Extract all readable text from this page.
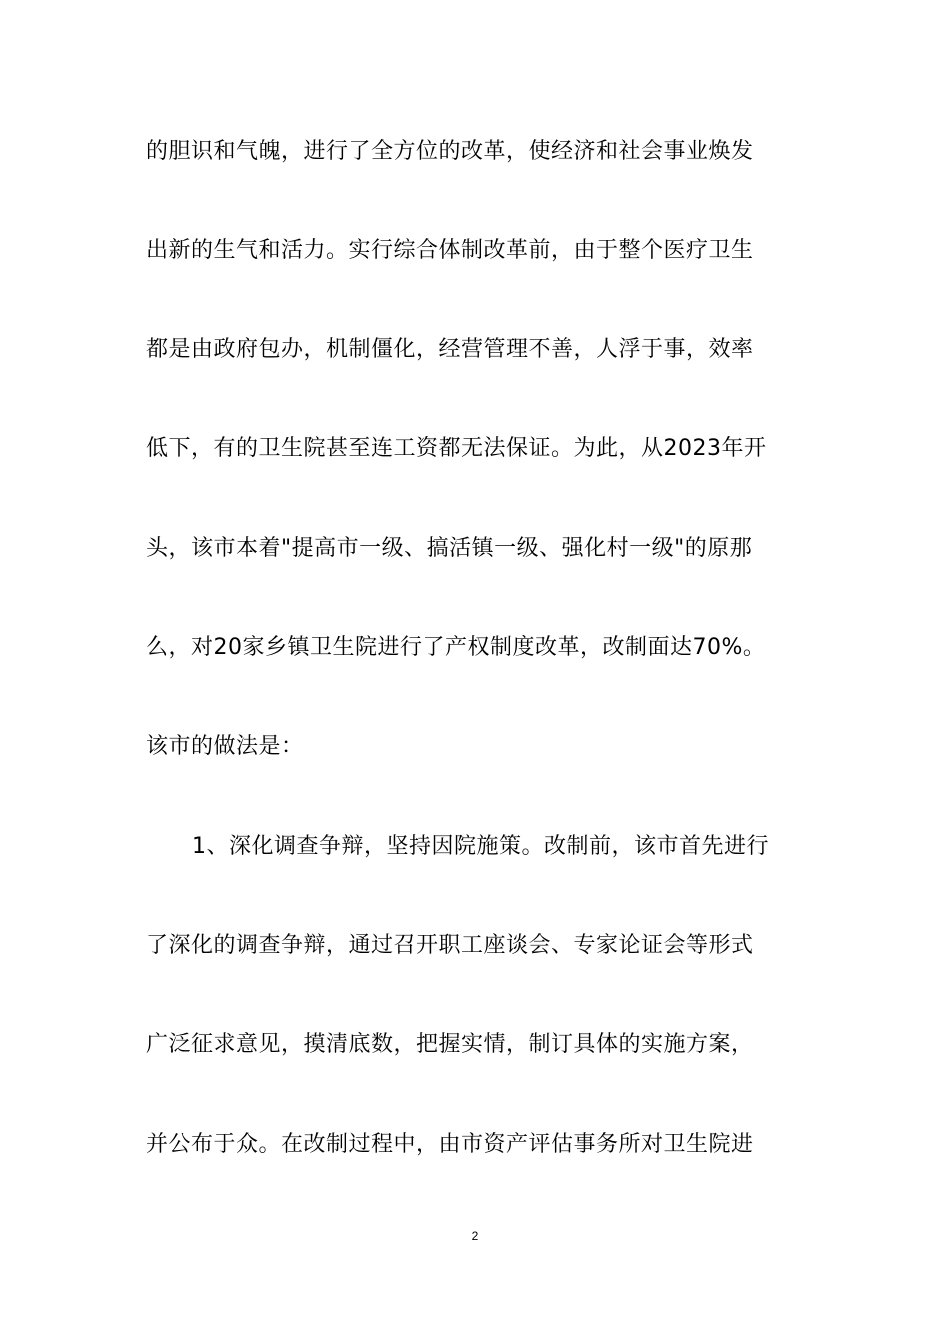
的胆识和气魄，进行了全方位的改革，使经济和社会事业焕发
出新的生气和活力。实行综合体制改革前，由于整个医疗卫生
都是由政府包办，机制僵化，经营管理不善，人浮于事，效率
低下，有的卫生院甚至连工资都无法保证。为此，从2023年开
头，该市本着"提高市一级、搞活镇一级、强化村一级"的原那
么，对20家乡镇卫生院进行了产权制度改革，改制面达70%。
该市的做法是：
1、深化调查争辩，坚持因院施策。改制前，该市首先进行
了深化的调查争辩，通过召开职工座谈会、专家论证会等形式
广泛征求意见，摸清底数，把握实情，制订具体的实施方案，
并公布于众。在改制过程中，由市资产评估事务所对卫生院进
2
